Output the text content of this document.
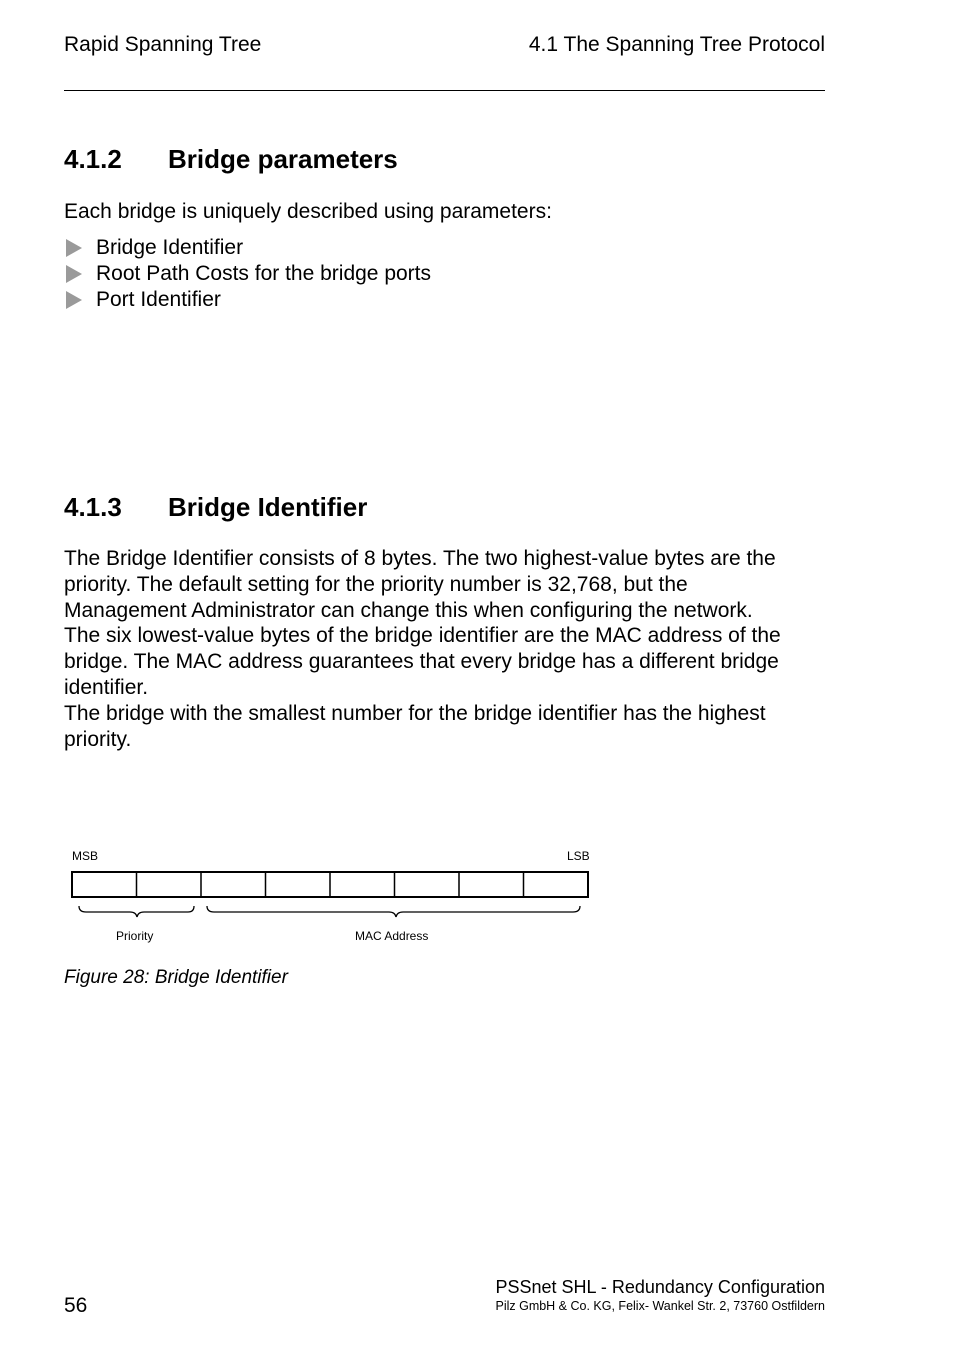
Rapid Spanning Tree	4.1 The Spanning Tree Protocol
4.1.2 Bridge parameters
Each bridge is uniquely described using parameters:
Bridge Identifier
Root Path Costs for the bridge ports
Port Identifier
4.1.3 Bridge Identifier
The Bridge Identifier consists of 8 bytes. The two highest-value bytes are the
priority. The default setting for the priority number is 32,768, but the
Management Administrator can change this when configuring the network.
The six lowest-value bytes of the bridge identifier are the MAC address of the
bridge. The MAC address guarantees that every bridge has a different bridge
identifier.
The bridge with the smallest number for the bridge identifier has the highest
priority.
MSB	LSB
Priority	MAC Address
Figure 28: Bridge Identifier
56
PSSnet SHL - Redundancy Configuration
Pilz GmbH & Co. KG, Felix- Wankel Str. 2, 73760 Ostfildern
